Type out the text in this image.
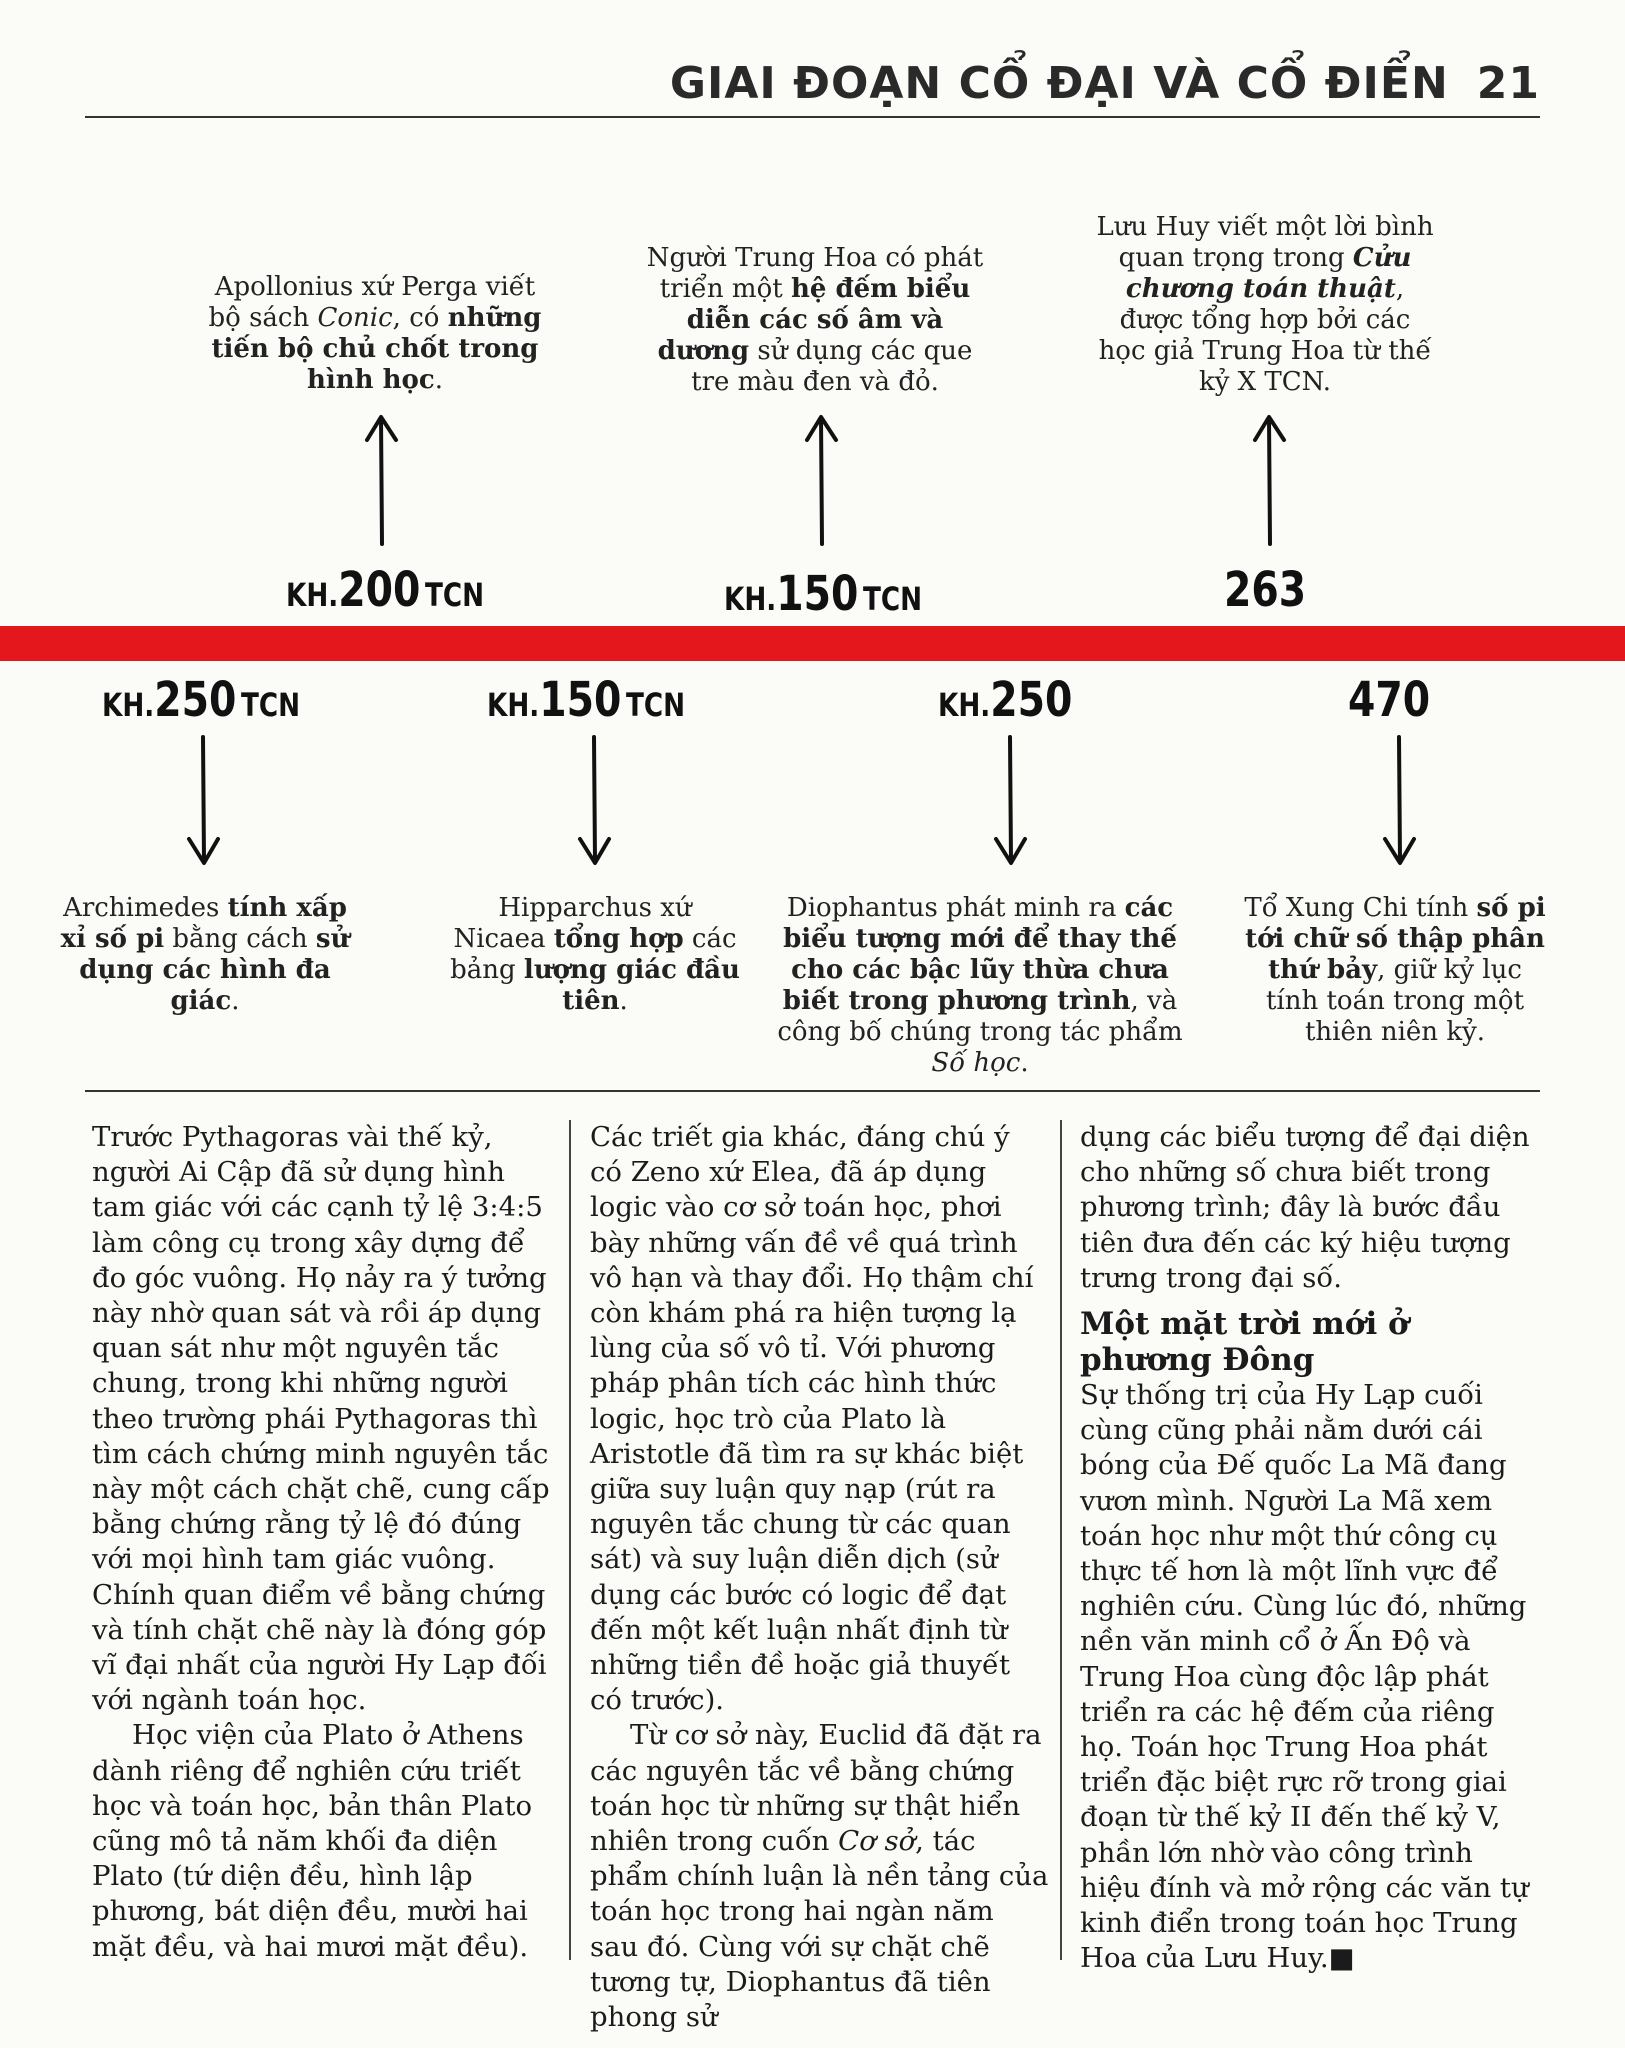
GIAI ĐOẠN CỔ ĐẠI VÀ CỔ ĐIỂN 21
Apollonius xứ Perga viết bộ sách Conic, có những tiến bộ chủ chốt trong hình học.
Người Trung Hoa có phát triển một hệ đếm biểu diễn các số âm và dương sử dụng các que tre màu đen và đỏ.
Lưu Huy viết một lời bình quan trọng trong Cửu chương toán thuật, được tổng hợp bởi các học giả Trung Hoa từ thế kỷ X TCN.
KH.200 TCN	KH.150 TCN	263
KH.250 TCN	KH.150 TCN	KH.250	470
Archimedes tính xấp xỉ số pi bằng cách sử dụng các hình đa giác.
Hipparchus xứ Nicaea tổng hợp các bảng lượng giác đầu tiên.
Diophantus phát minh ra các biểu tượng mới để thay thế cho các bậc lũy thừa chưa biết trong phương trình, và công bố chúng trong tác phẩm Số học.
Tổ Xung Chi tính số pi tới chữ số thập phân thứ bảy, giữ kỷ lục tính toán trong một thiên niên kỷ.

Trước Pythagoras vài thế kỷ, người Ai Cập đã sử dụng hình tam giác với các cạnh tỷ lệ 3:4:5 làm công cụ trong xây dựng để đo góc vuông. Họ nảy ra ý tưởng này nhờ quan sát và rồi áp dụng quan sát như một nguyên tắc chung, trong khi những người theo trường phái Pythagoras thì tìm cách chứng minh nguyên tắc này một cách chặt chẽ, cung cấp bằng chứng rằng tỷ lệ đó đúng với mọi hình tam giác vuông. Chính quan điểm về bằng chứng và tính chặt chẽ này là đóng góp vĩ đại nhất của người Hy Lạp đối với ngành toán học.

Học viện của Plato ở Athens dành riêng để nghiên cứu triết học và toán học, bản thân Plato cũng mô tả năm khối đa diện Plato (tứ diện đều, hình lập phương, bát diện đều, mười hai mặt đều, và hai mươi mặt đều).

Các triết gia khác, đáng chú ý có Zeno xứ Elea, đã áp dụng logic vào cơ sở toán học, phơi bày những vấn đề về quá trình vô hạn và thay đổi. Họ thậm chí còn khám phá ra hiện tượng lạ lùng của số vô tỉ. Với phương pháp phân tích các hình thức logic, học trò của Plato là Aristotle đã tìm ra sự khác biệt giữa suy luận quy nạp (rút ra nguyên tắc chung từ các quan sát) và suy luận diễn dịch (sử dụng các bước có logic để đạt đến một kết luận nhất định từ những tiền đề hoặc giả thuyết có trước).

Từ cơ sở này, Euclid đã đặt ra các nguyên tắc về bằng chứng toán học từ những sự thật hiển nhiên trong cuốn Cơ sở, tác phẩm chính luận là nền tảng của toán học trong hai ngàn năm sau đó. Cùng với sự chặt chẽ tương tự, Diophantus đã tiên phong sử

dụng các biểu tượng để đại diện cho những số chưa biết trong phương trình; đây là bước đầu tiên đưa đến các ký hiệu tượng trưng trong đại số.

Một mặt trời mới ở phương Đông

Sự thống trị của Hy Lạp cuối cùng cũng phải nằm dưới cái bóng của Đế quốc La Mã đang vươn mình. Người La Mã xem toán học như một thứ công cụ thực tế hơn là một lĩnh vực để nghiên cứu. Cùng lúc đó, những nền văn minh cổ ở Ấn Độ và Trung Hoa cùng độc lập phát triển ra các hệ đếm của riêng họ. Toán học Trung Hoa phát triển đặc biệt rực rỡ trong giai đoạn từ thế kỷ II đến thế kỷ V, phần lớn nhờ vào công trình hiệu đính và mở rộng các văn tự kinh điển trong toán học Trung Hoa của Lưu Huy.■
